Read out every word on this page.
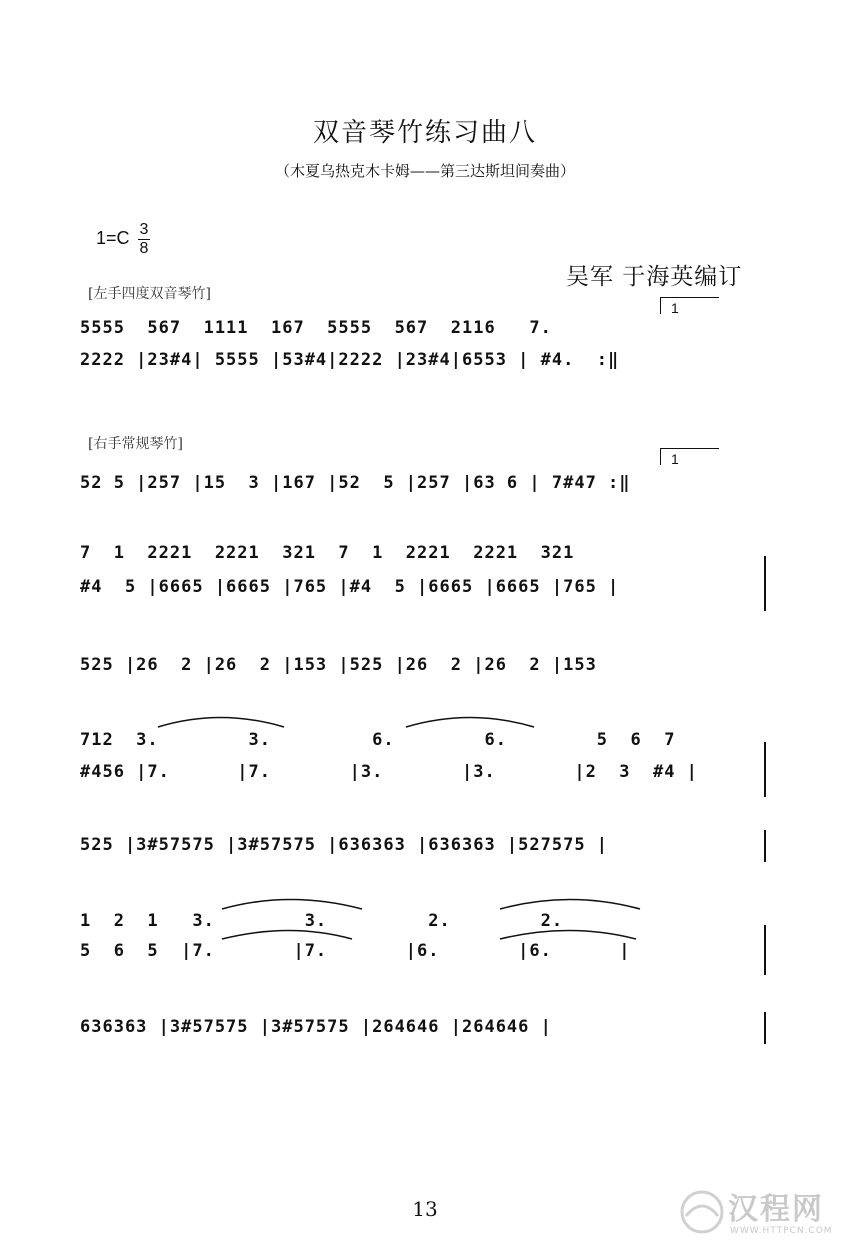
双音琴竹练习曲八
（木夏乌热克木卡姆——第三达斯坦间奏曲）
1=C 3
8
吴军 于海英编订
[左手四度双音琴竹]
1
5555  567  1111  167  5555  567  2116   7.
2222 |23#4| 5555 |53#4|2222 |23#4|6553 | #4.  :‖
[右手常规琴竹]
1
52 5 |257 |15  3 |167 |52  5 |257 |63 6 | 7#47 :‖
7  1  2221  2221  321  7  1  2221  2221  321
#4  5 |6665 |6665 |765 |#4  5 |6665 |6665 |765 |
525 |26  2 |26  2 |153 |525 |26  2 |26  2 |153
712  3.        3.         6.        6.        5  6  7
#456 |7.      |7.       |3.       |3.       |2  3  #4 |
525 |3#57575 |3#57575 |636363 |636363 |527575 |
1  2  1   3.        3.         2.        2.
5  6  5  |7.       |7.       |6.       |6.      |
636363 |3#57575 |3#57575 |264646 |264646 |
13	汉程网
WWW.HTTPCN.COM
